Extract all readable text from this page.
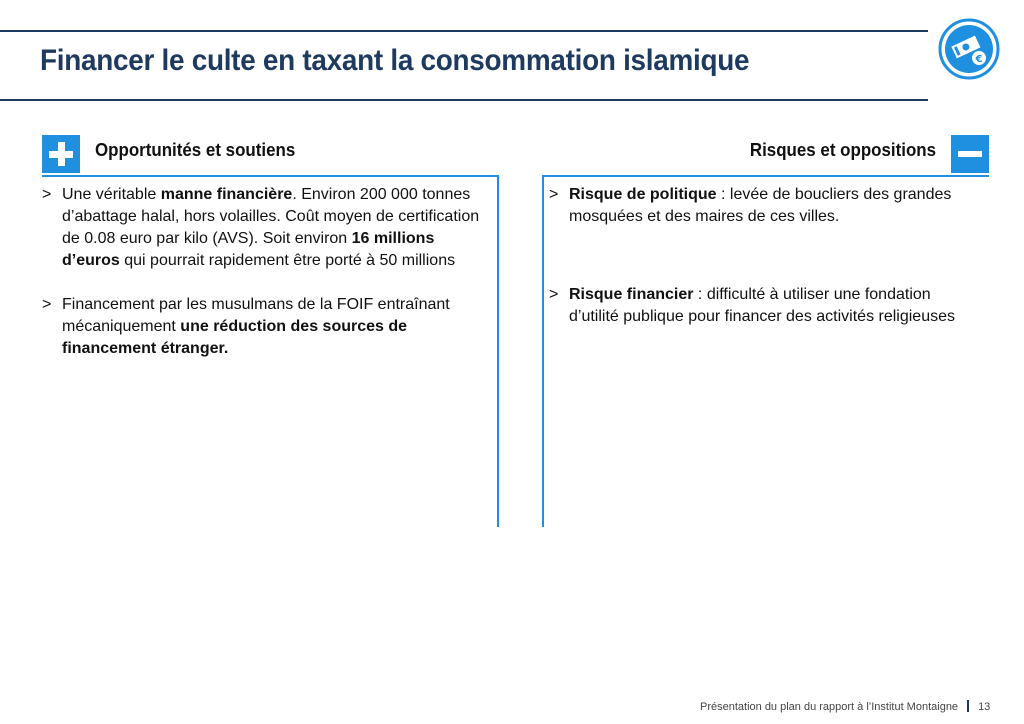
Financer le culte en taxant la consommation islamique	€
Opportunités et soutiens
> Une véritable manne financière. Environ 200 000 tonnes d’abattage halal, hors volailles. Coût moyen de certification de 0.08 euro par kilo (AVS). Soit environ 16 millions d’euros qui pourrait rapidement être porté à 50 millions
> Financement par les musulmans de la FOIF entraînant mécaniquement une réduction des sources de financement étranger.
Risques et oppositions
> Risque de politique : levée de boucliers des grandes mosquées et des maires de ces villes.
> Risque financier : difficulté à utiliser une fondation d’utilité publique pour financer des activités religieuses
Présentation du plan du rapport à l’Institut Montaigne 13
